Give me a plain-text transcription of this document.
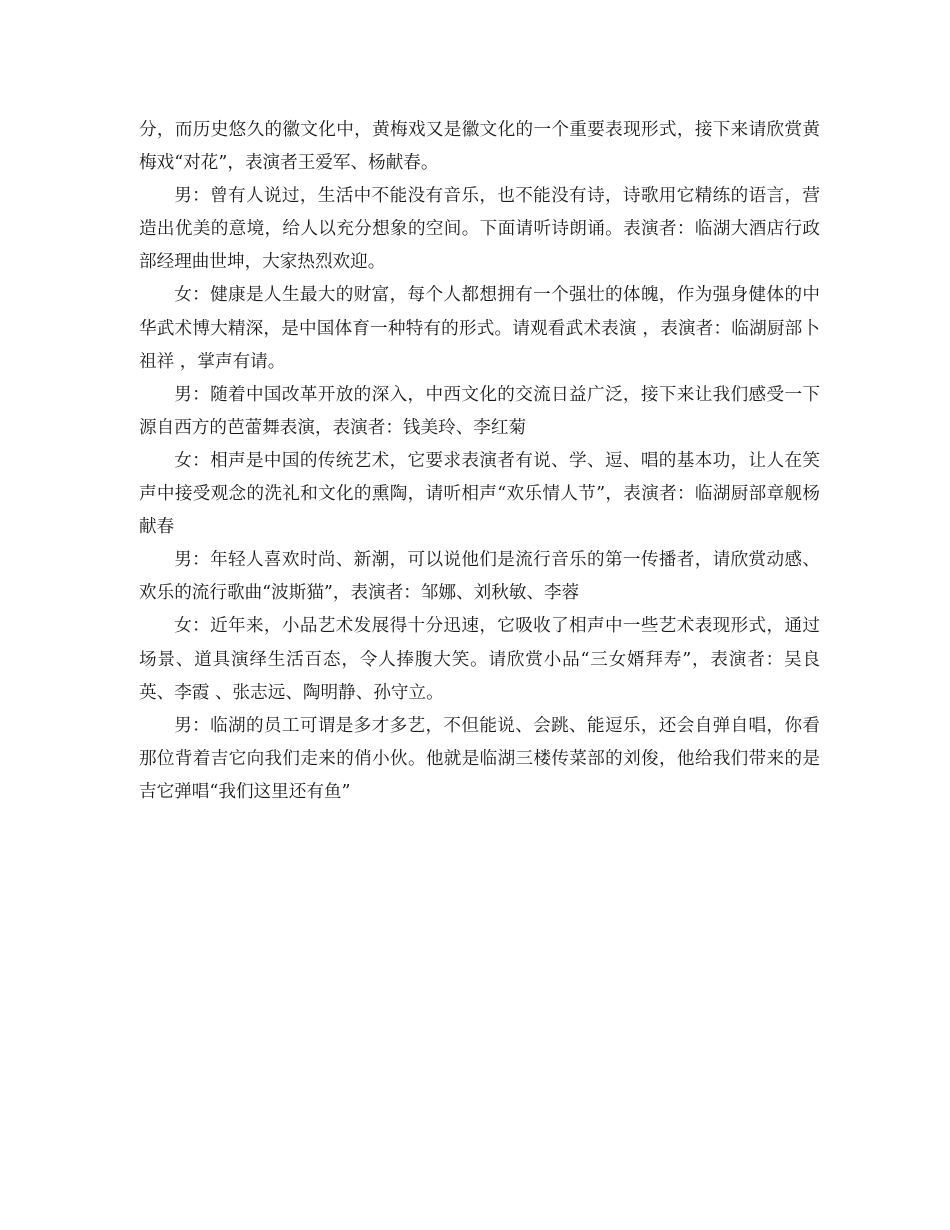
分，而历史悠久的徽文化中，黄梅戏又是徽文化的一个重要表现形式，接下来请欣赏黄梅戏“对花”，表演者王爱军、杨献春。

男：曾有人说过，生活中不能没有音乐，也不能没有诗，诗歌用它精练的语言，营造出优美的意境，给人以充分想象的空间。下面请听诗朗诵。表演者：临湖大酒店行政部经理曲世坤，大家热烈欢迎。

女：健康是人生最大的财富，每个人都想拥有一个强壮的体魄，作为强身健体的中华武术博大精深，是中国体育一种特有的形式。请观看武术表演 ，表演者：临湖厨部卜祖祥 ，掌声有请。

男：随着中国改革开放的深入，中西文化的交流日益广泛，接下来让我们感受一下源自西方的芭蕾舞表演，表演者：钱美玲、李红菊

女：相声是中国的传统艺术，它要求表演者有说、学、逗、唱的基本功，让人在笑声中接受观念的洗礼和文化的熏陶，请听相声“欢乐情人节”，表演者：临湖厨部章舰杨献春

男：年轻人喜欢时尚、新潮，可以说他们是流行音乐的第一传播者，请欣赏动感、欢乐的流行歌曲“波斯猫”，表演者：邹娜、刘秋敏、李蓉

女：近年来，小品艺术发展得十分迅速，它吸收了相声中一些艺术表现形式，通过场景、道具演绎生活百态，令人捧腹大笑。请欣赏小品“三女婿拜寿”，表演者：吴良英、李霞 、张志远、陶明静、孙守立。

男：临湖的员工可谓是多才多艺，不但能说、会跳、能逗乐，还会自弹自唱，你看那位背着吉它向我们走来的俏小伙。他就是临湖三楼传菜部的刘俊，他给我们带来的是吉它弹唱“我们这里还有鱼”
